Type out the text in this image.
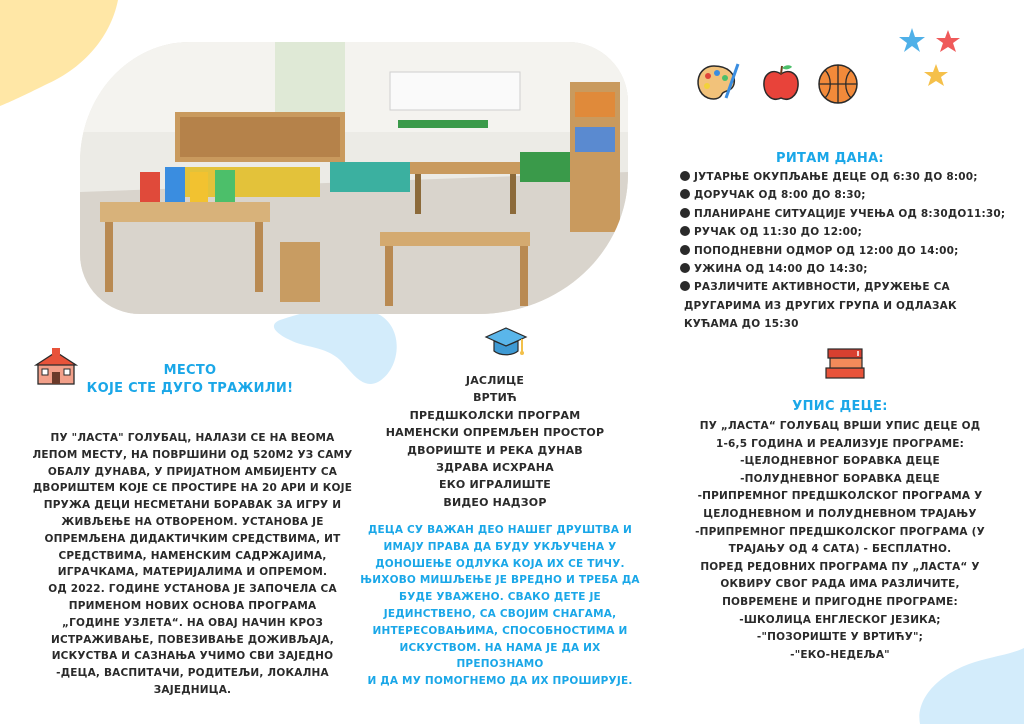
РИТАМ ДАНА:
ЈУТАРЊЕ ОКУПЉАЊЕ ДЕЦЕ ОД 6:30 ДО 8:00;
ДОРУЧАК ОД 8:00 ДО 8:30;
ПЛАНИРАНЕ СИТУАЦИЈЕ УЧЕЊА ОД 8:30ДО11:30;
РУЧАК ОД 11:30 ДО 12:00;
ПОПОДНЕВНИ ОДМОР ОД 12:00 ДО 14:00;
УЖИНА ОД 14:00 ДО 14:30;
РАЗЛИЧИТЕ АКТИВНОСТИ, ДРУЖЕЊЕ СА
ДРУГАРИМА ИЗ ДРУГИХ ГРУПА И ОДЛАЗАК
КУЋАМА ДО 15:30
МЕСТО
КОЈЕ СТЕ ДУГО ТРАЖИЛИ!
ПУ "ЛАСТА" ГОЛУБАЦ, НАЛАЗИ СЕ НА ВЕОМА
ЛЕПОМ МЕСТУ, НА ПОВРШИНИ ОД 520М2 УЗ САМУ
ОБАЛУ ДУНАВА, У ПРИЈАТНОМ АМБИЈЕНТУ СА
ДВОРИШТЕМ КОЈЕ СЕ ПРОСТИРЕ НА 20 АРИ И КОЈЕ
ПРУЖА ДЕЦИ НЕСМЕТАНИ БОРАВАК ЗА ИГРУ И
ЖИВЉЕЊЕ НА ОТВОРЕНОМ. УСТАНОВА ЈЕ
ОПРЕМЉЕНА ДИДАКТИЧКИМ СРЕДСТВИМА, ИТ
СРЕДСТВИМА, НАМЕНСКИМ САДРЖАЈИМА,
ИГРАЧКАМА, МАТЕРИЈАЛИМА И ОПРЕМОМ.
ОД 2022. ГОДИНЕ УСТАНОВА ЈЕ ЗАПОЧЕЛА СА
ПРИМЕНОМ НОВИХ ОСНОВА ПРОГРАМА
„ГОДИНЕ УЗЛЕТА“. НА ОВАЈ НАЧИН КРОЗ
ИСТРАЖИВАЊЕ, ПОВЕЗИВАЊЕ ДОЖИВЉАЈА,
ИСКУСТВА И САЗНАЊА УЧИМО СВИ ЗАЈЕДНО
-ДЕЦА, ВАСПИТАЧИ, РОДИТЕЉИ, ЛОКАЛНА
ЗАЈЕДНИЦА.
ЈАСЛИЦЕ
ВРТИЋ
ПРЕДШКОЛСКИ ПРОГРАМ
НАМЕНСКИ ОПРЕМЉЕН ПРОСТОР
ДВОРИШТЕ И РЕКА ДУНАВ
ЗДРАВА ИСХРАНА
ЕКО ИГРАЛИШТЕ
ВИДЕО НАДЗОР
ДЕЦА СУ ВАЖАН ДЕО НАШЕГ ДРУШТВА И
ИМАЈУ ПРАВА ДА БУДУ УКЉУЧЕНА У
ДОНОШЕЊЕ ОДЛУКА КОЈА ИХ СЕ ТИЧУ.
ЊИХОВО МИШЉЕЊЕ ЈЕ ВРЕДНО И ТРЕБА ДА
БУДЕ УВАЖЕНО. СВАКО ДЕТЕ ЈЕ
ЈЕДИНСТВЕНО, СА СВОЈИМ СНАГАМА,
ИНТЕРЕСОВАЊИМА, СПОСОБНОСТИМА И
ИСКУСТВОМ. НА НАМА ЈЕ ДА ИХ ПРЕПОЗНАМО
И ДА МУ ПОМОГНЕМО ДА ИХ ПРОШИРУЈЕ.
УПИС ДЕЦЕ:
ПУ „ЛАСТА“ ГОЛУБАЦ ВРШИ УПИС ДЕЦЕ ОД
1-6,5 ГОДИНА И РЕАЛИЗУЈЕ ПРОГРАМЕ:
-ЦЕЛОДНЕВНОГ БОРАВКА ДЕЦЕ
-ПОЛУДНЕВНОГ БОРАВКА ДЕЦЕ
-ПРИПРЕМНОГ ПРЕДШКОЛСКОГ ПРОГРАМА У
ЦЕЛОДНЕВНОМ И ПОЛУДНЕВНОМ ТРАЈАЊУ
-ПРИПРЕМНОГ ПРЕДШКОЛСКОГ ПРОГРАМА (У
ТРАЈАЊУ ОД 4 САТА) - БЕСПЛАТНО.
ПОРЕД РЕДОВНИХ ПРОГРАМА ПУ „ЛАСТА“ У
ОКВИРУ СВОГ РАДА ИМА РАЗЛИЧИТЕ,
ПОВРЕМЕНЕ И ПРИГОДНЕ ПРОГРАМЕ:
-ШКОЛИЦА ЕНГЛЕСКОГ ЈЕЗИКА;
-"ПОЗОРИШТЕ У ВРТИЋУ";
-"ЕКО-НЕДЕЉА"
